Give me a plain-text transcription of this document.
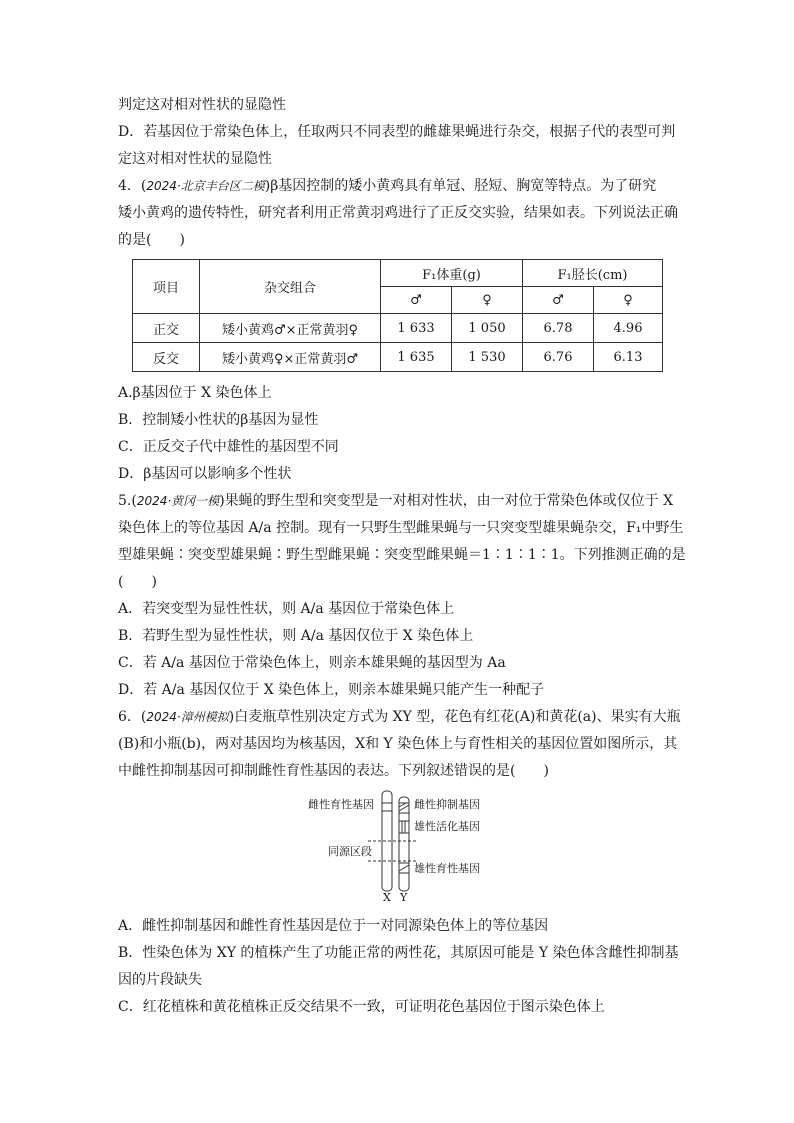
判定这对相对性状的显隐性
D．若基因位于常染色体上，任取两只不同表型的雌雄果蝇进行杂交，根据子代的表型可判
定这对相对性状的显隐性
4．(2024·北京丰台区二模)β基因控制的矮小黄鸡具有单冠、胫短、胸宽等特点。为了研究
矮小黄鸡的遗传特性，研究者利用正常黄羽鸡进行了正反交实验，结果如表。下列说法正确
的是(　　)
项目	杂交组合	F₁体重(g)		F₁胫长(cm)	
		♂	♀	♂	♀
正交	矮小黄鸡♂×正常黄羽♀	1 633	1 050	6.78	4.96
反交	矮小黄鸡♀×正常黄羽♂	1 635	1 530	6.76	6.13
A.β基因位于 X 染色体上
B．控制矮小性状的β基因为显性
C．正反交子代中雄性的基因型不同
D．β基因可以影响多个性状
5.(2024·黄冈一模)果蝇的野生型和突变型是一对相对性状，由一对位于常染色体或仅位于 X
染色体上的等位基因 A/a 控制。现有一只野生型雌果蝇与一只突变型雄果蝇杂交，F₁中野生
型雄果蝇∶突变型雄果蝇∶野生型雌果蝇∶突变型雌果蝇＝1∶1∶1∶1。下列推测正确的是
(　　)
A．若突变型为显性性状，则 A/a 基因位于常染色体上
B．若野生型为显性性状，则 A/a 基因仅位于 X 染色体上
C．若 A/a 基因位于常染色体上，则亲本雄果蝇的基因型为 Aa
D．若 A/a 基因仅位于 X 染色体上，则亲本雄果蝇只能产生一种配子
6．(2024·漳州模拟)白麦瓶草性别决定方式为 XY 型，花色有红花(A)和黄花(a)、果实有大瓶
(B)和小瓶(b)，两对基因均为核基因，X和 Y 染色体上与育性相关的基因位置如图所示，其
中雌性抑制基因可抑制雌性育性基因的表达。下列叙述错误的是(　　)
雌性育性基因
同源区段
雌性抑制基因
雄性活化基因
雄性育性基因
X Y
A．雌性抑制基因和雌性育性基因是位于一对同源染色体上的等位基因
B．性染色体为 XY 的植株产生了功能正常的两性花，其原因可能是 Y 染色体含雌性抑制基
因的片段缺失
C．红花植株和黄花植株正反交结果不一致，可证明花色基因位于图示染色体上
